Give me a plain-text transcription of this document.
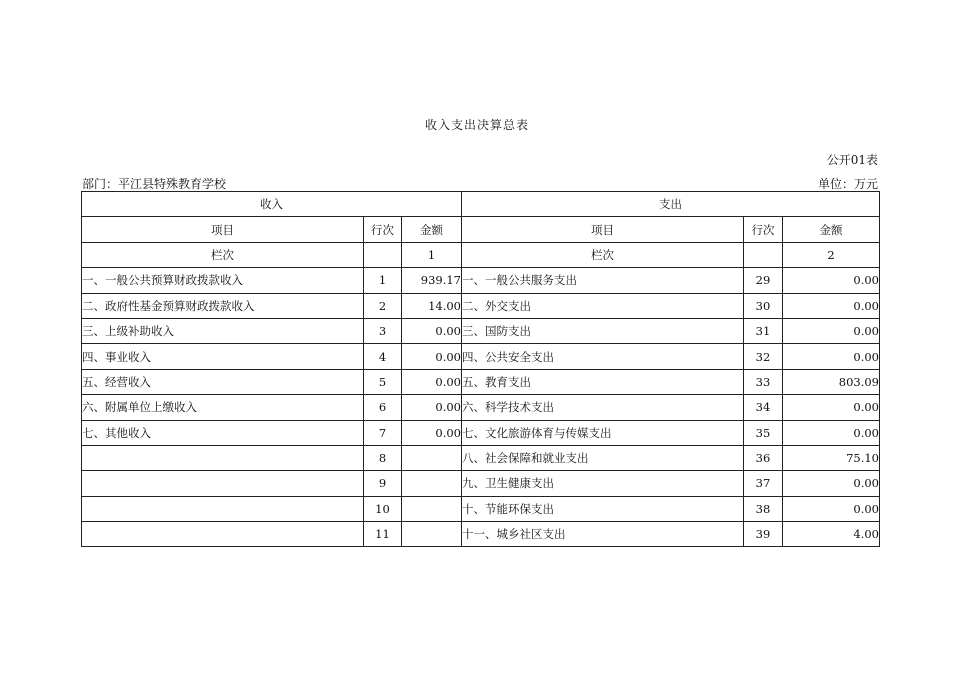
收入支出决算总表
公开01表
部门：平江县特殊教育学校	单位：万元
收入			支出		
项目	行次	金额	项目	行次	金额
栏次		1	栏次		2
一、一般公共预算财政拨款收入	1	939.17	一、一般公共服务支出	29	0.00
二、政府性基金预算财政拨款收入	2	14.00	二、外交支出	30	0.00
三、上级补助收入	3	0.00	三、国防支出	31	0.00
四、事业收入	4	0.00	四、公共安全支出	32	0.00
五、经营收入	5	0.00	五、教育支出	33	803.09
六、附属单位上缴收入	6	0.00	六、科学技术支出	34	0.00
七、其他收入	7	0.00	七、文化旅游体育与传媒支出	35	0.00
	8		八、社会保障和就业支出	36	75.10
	9		九、卫生健康支出	37	0.00
	10		十、节能环保支出	38	0.00
	11		十一、城乡社区支出	39	4.00
